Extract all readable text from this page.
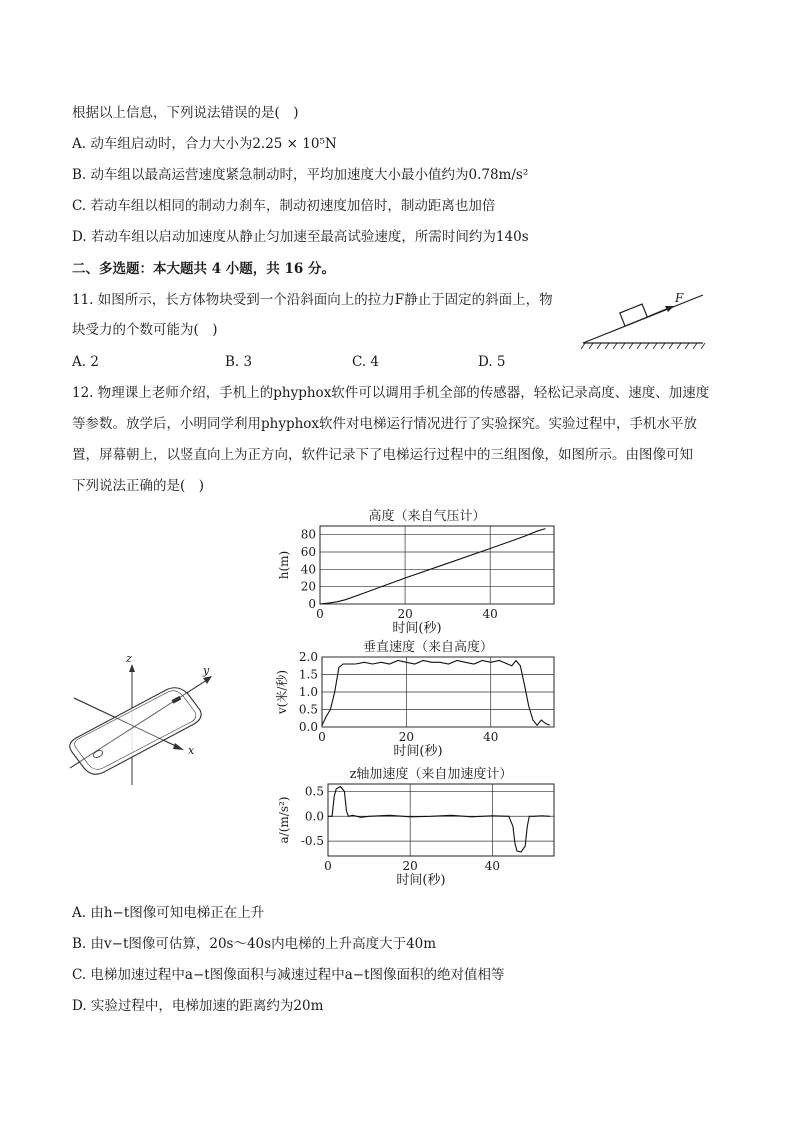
根据以上信息，下列说法错误的是(　)
A. 动车组启动时，合力大小为2.25 × 10⁵N
B. 动车组以最高运营速度紧急制动时，平均加速度大小最小值约为0.78m/s²
C. 若动车组以相同的制动力刹车，制动初速度加倍时，制动距离也加倍
D. 若动车组以启动加速度从静止匀加速至最高试验速度，所需时间约为140s
二、多选题：本大题共 4 小题，共 16 分。
11. 如图所示，长方体物块受到一个沿斜面向上的拉力F静止于固定的斜面上，物
块受力的个数可能为(　)
A. 2	B. 3	C. 4	D. 5
F
12. 物理课上老师介绍，手机上的phyphox软件可以调用手机全部的传感器，轻松记录高度、速度、加速度
等参数。放学后，小明同学利用phyphox软件对电梯运行情况进行了实验探究。实验过程中，手机水平放
置，屏幕朝上，以竖直向上为正方向，软件记录下了电梯运行过程中的三组图像，如图所示。由图像可知
下列说法正确的是(　)
z
y
x
高度（来自气压计）
0
20
40
60
80
0	20	40
时间(秒)
h(m)
垂直速度（来自高度）
0.0
0.5
1.0
1.5
2.0
0	20	40
时间(秒)
v(米/秒)
z轴加速度（来自加速度计）
-0.5
0.0
0.5
0	20	40
时间(秒)
a/(m/s²)
A. 由h−t图像可知电梯正在上升
B. 由v−t图像可估算，20s～40s内电梯的上升高度大于40m
C. 电梯加速过程中a−t图像面积与减速过程中a−t图像面积的绝对值相等
D. 实验过程中，电梯加速的距离约为20m
